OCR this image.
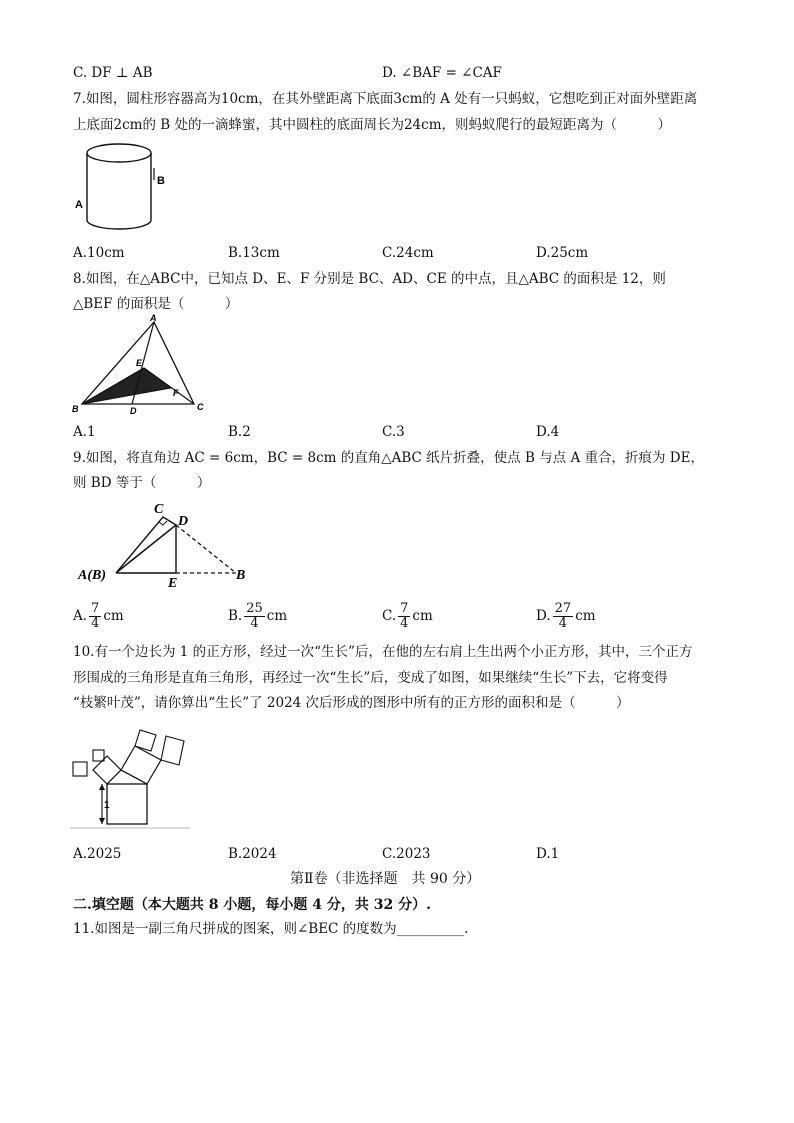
C. DF ⊥ AB	D. ∠BAF = ∠CAF
7.如图，圆柱形容器高为10cm，在其外壁距离下底面3cm的 A 处有一只蚂蚁，它想吃到正对面外壁距离
上底面2cm的 B 处的一滴蜂蜜，其中圆柱的底面周长为24cm，则蚂蚁爬行的最短距离为（　　　）
B
A
A.10cm	B.13cm	C.24cm	D.25cm
8.如图，在△ABC中，已知点 D、E、F 分别是 BC、AD、CE 的中点，且△ABC 的面积是 12，则
△BEF 的面积是（　　　）
A
B	C
D
E
F
A.1	B.2	C.3	D.4
9.如图，将直角边 AC = 6cm，BC = 8cm 的直角△ABC 纸片折叠，使点 B 与点 A 重合，折痕为 DE，
则 BD 等于（　　　）
C
D
A(B)
E
B
A. $\frac{7}{4}$ cm	B. $\frac{25}{4}$ cm	C. $\frac{7}{4}$ cm	D. $\frac{27}{4}$ cm
10.有一个边长为 1 的正方形，经过一次“生长”后，在他的左右肩上生出两个小正方形，其中，三个正方
形围成的三角形是直角三角形，再经过一次“生长”后，变成了如图，如果继续“生长”下去，它将变得
“枝繁叶茂”，请你算出“生长”了 2024 次后形成的图形中所有的正方形的面积和是（　　　）
1
A.2025	B.2024	C.2023	D.1
第Ⅱ卷（非选择题　共 90 分）
二.填空题（本大题共 8 小题，每小题 4 分，共 32 分）.
11.如图是一副三角尺拼成的图案，则∠BEC 的度数为__________.
